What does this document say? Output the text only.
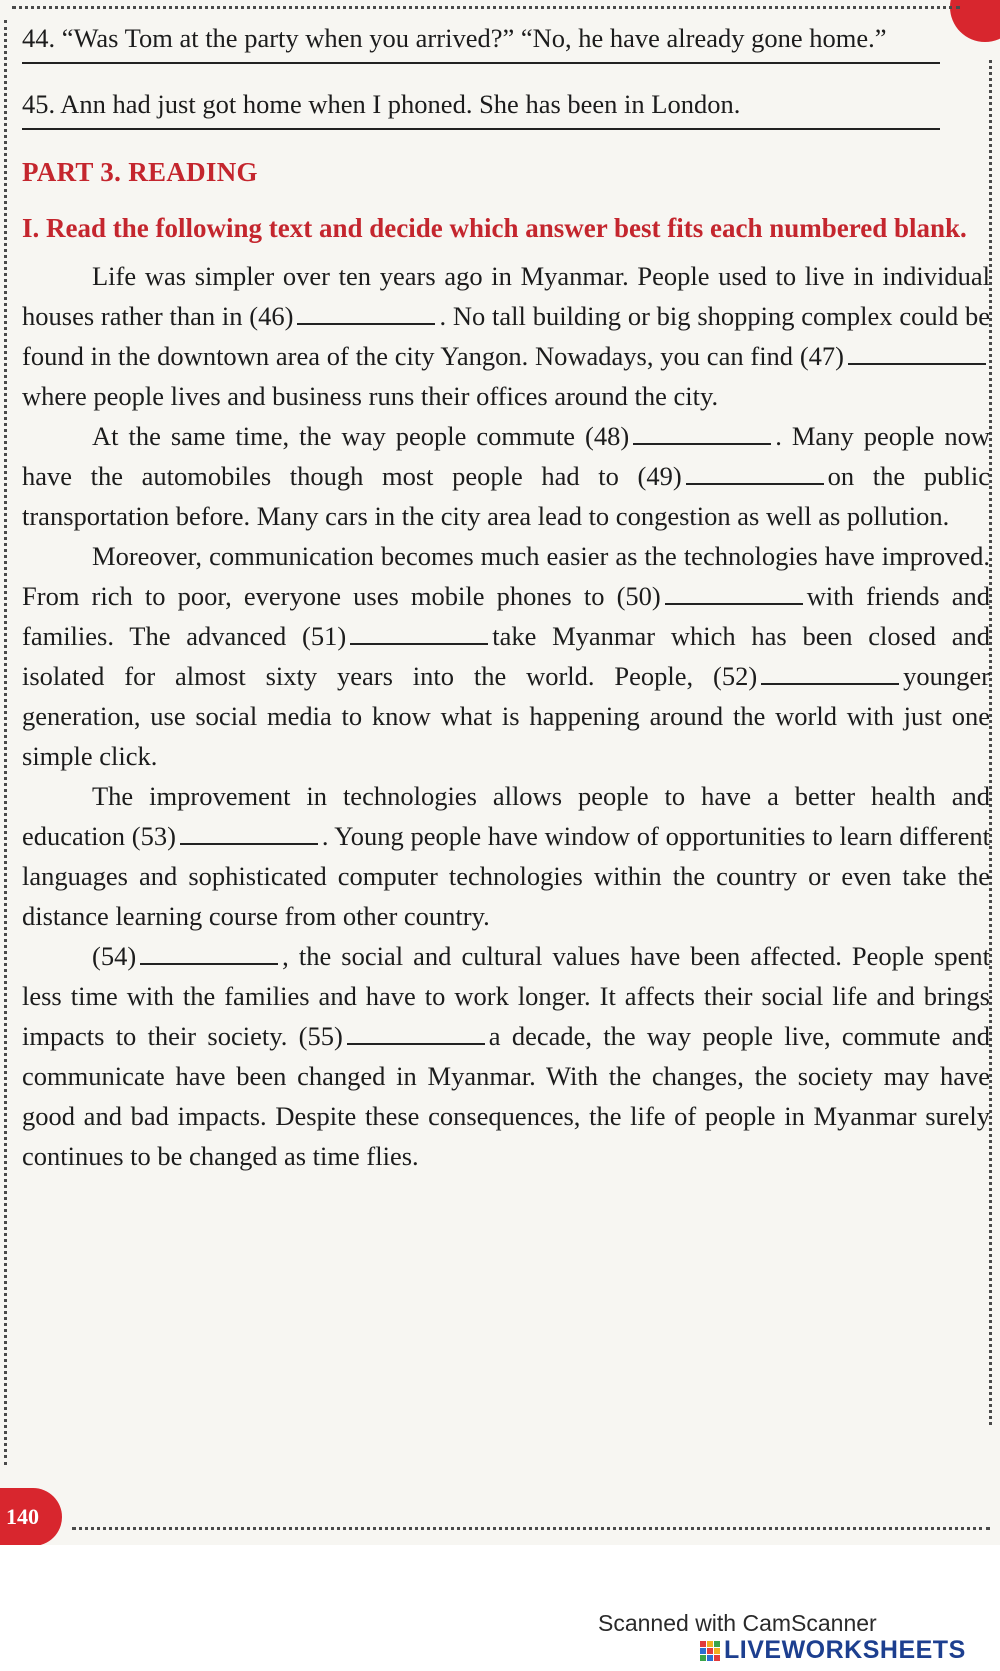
44. “Was Tom at the party when you arrived?” “No, he have already gone home.”

45. Ann had just got home when I phoned. She has been in London.

PART 3. READING
I. Read the following text and decide which answer best fits each numbered blank.

Life was simpler over ten years ago in Myanmar. People used to live in individual houses rather than in (46)	. No tall building or big shopping complex could be found in the downtown area of the city Yangon. Nowadays, you can find (47)where people lives and business runs their offices around the city.

At the same time, the way people commute (48)	. Many people now have the automobiles though most people had to (49)	on the public transportation before. Many cars in the city area lead to congestion as well as pollution.

Moreover, communication becomes much easier as the technologies have improved. From rich to poor, everyone uses mobile phones to (50)	with friends and families. The advanced (51)	take Myanmar which has been closed and isolated for almost sixty years into the world. People, (52)	younger generation, use social media to know what is happening around the world with just one simple click.

The improvement in technologies allows people to have a better health and education (53)	. Young people have window of opportunities to learn different languages and sophisticated computer technologies within the country or even take the distance learning course from other country.

(54)	, the social and cultural values have been affected. People spent less time with the families and have to work longer. It affects their social life and brings impacts to their society. (55)	a decade, the way people live, commute and communicate have been changed in Myanmar. With the changes, the society may have good and bad impacts. Despite these consequences, the life of people in Myanmar surely continues to be changed as time flies.

140
Scanned with CamScanner
LIVEWORKSHEETS
